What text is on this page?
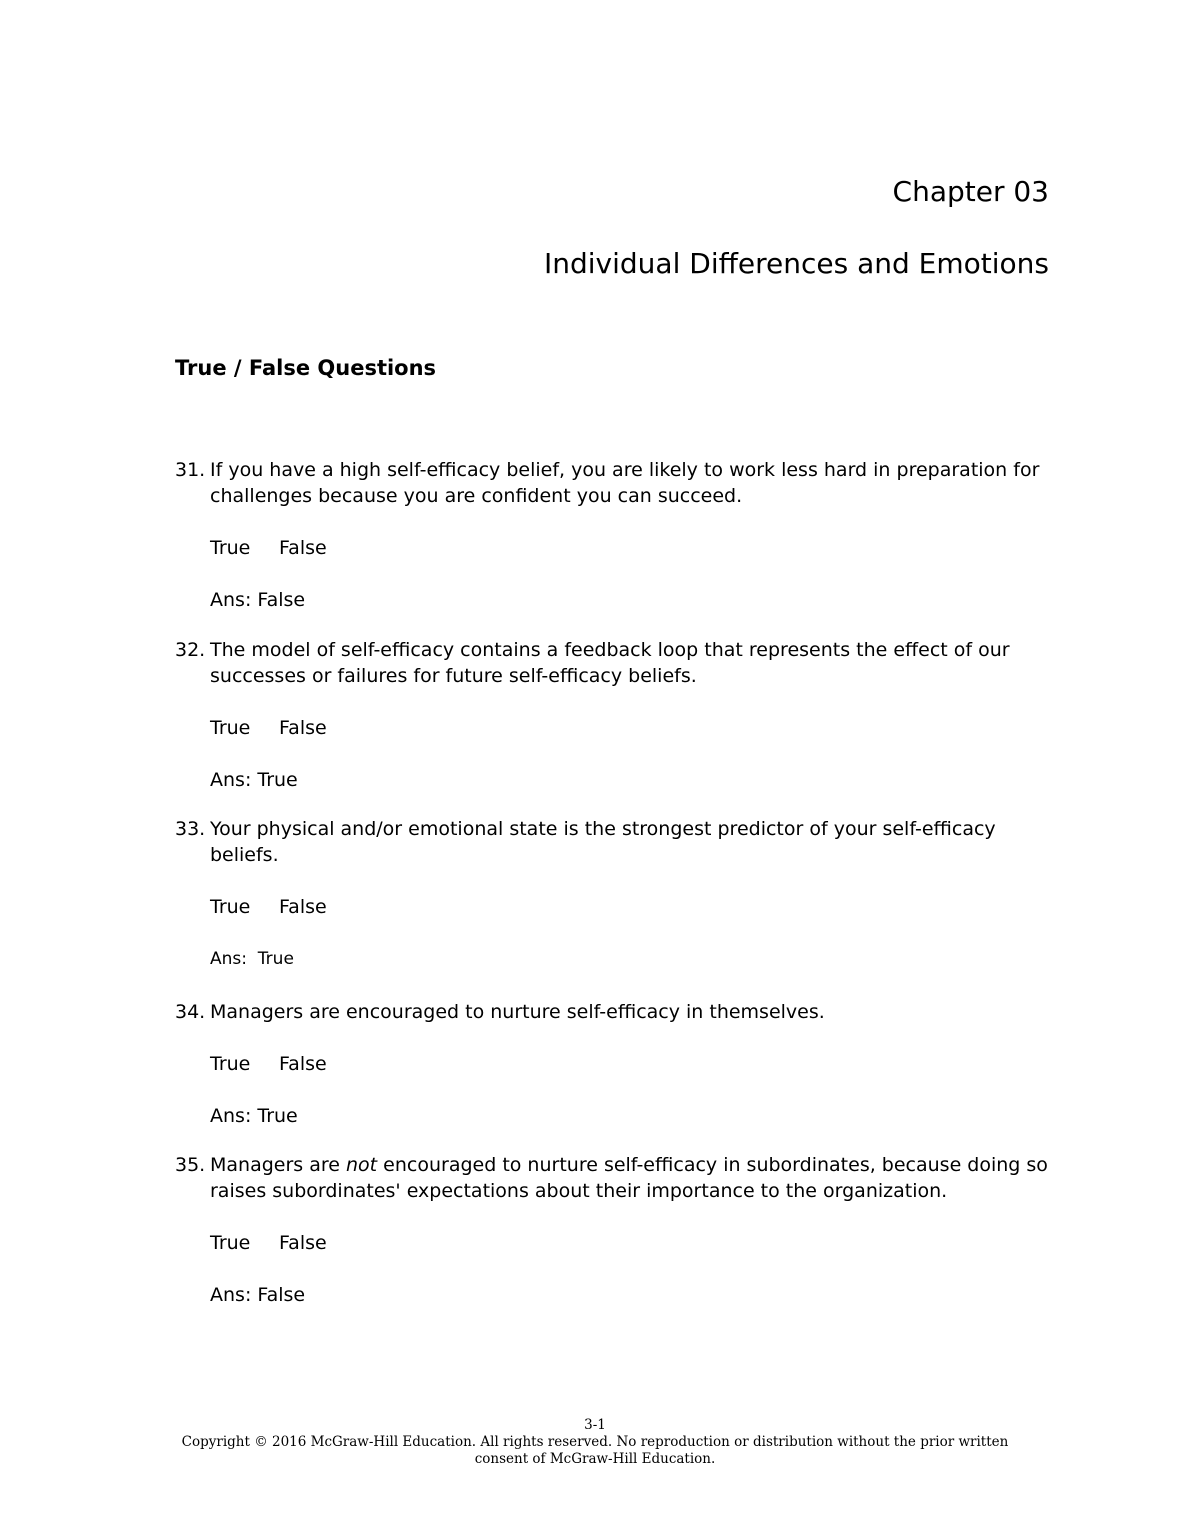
Chapter 03
Individual Differences and Emotions
True / False Questions
31. If you have a high self-efficacy belief, you are likely to work less hard in preparation for challenges because you are confident you can succeed.
True	False
Ans: False
32. The model of self-efficacy contains a feedback loop that represents the effect of our successes or failures for future self-efficacy beliefs.
True	False
Ans: True
33. Your physical and/or emotional state is the strongest predictor of your self-efficacy beliefs.
True	False
Ans:  True
34. Managers are encouraged to nurture self-efficacy in themselves.
True	False
Ans: True
35. Managers are not encouraged to nurture self-efficacy in subordinates, because doing so raises subordinates' expectations about their importance to the organization.
True	False
Ans: False
3-1
Copyright © 2016 McGraw-Hill Education. All rights reserved. No reproduction or distribution without the prior written consent of McGraw-Hill Education.
